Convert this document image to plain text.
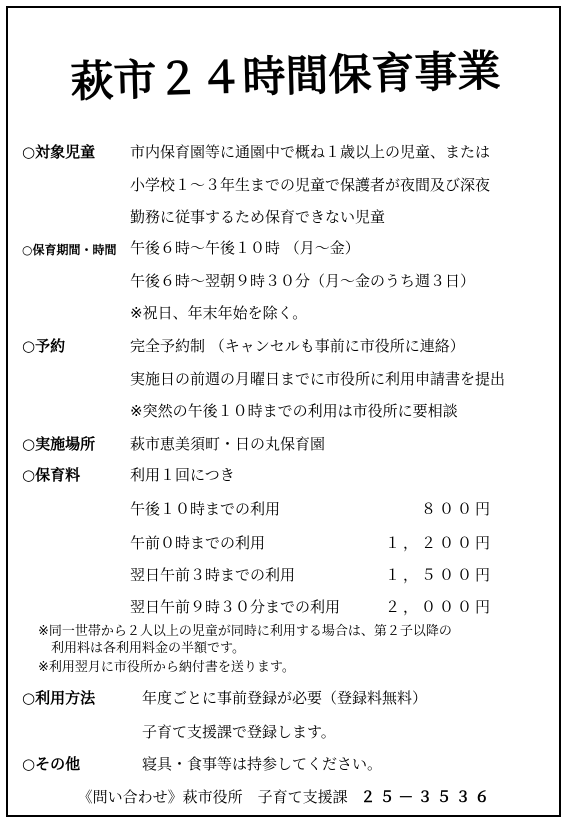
萩市２４時間保育事業
○対象児童 市内保育園等に通園中で概ね１歳以上の児童、または
小学校１～３年生までの児童で保護者が夜間及び深夜
勤務に従事するため保育できない児童
○保育期間・時間 午後６時～午後１０時 （月～金）
午後６時～翌朝９時３０分（月～金のうち週３日）
※祝日、年末年始を除く。
○予約	完全予約制 （キャンセルも事前に市役所に連絡）
実施日の前週の月曜日までに市役所に利用申請書を提出
※突然の午後１０時までの利用は市役所に要相談
○実施場所 萩市恵美須町・日の丸保育園
○保育料	利用１回につき
午後１０時までの利用	８００円
午前０時までの利用	１，２００円
翌日午前３時までの利用	１，５００円
翌日午前９時３０分までの利用	２，０００円
※同一世帯から２人以上の児童が同時に利用する場合は、第２子以降の
　利用料は各利用料金の半額です。
※利用翌月に市役所から納付書を送ります。
○利用方法	年度ごとに事前登録が必要（登録料無料）
子育て支援課で登録します。
○その他	寝具・食事等は持参してください。
《問い合わせ》萩市役所　子育て支援課 ２５－３５３６
